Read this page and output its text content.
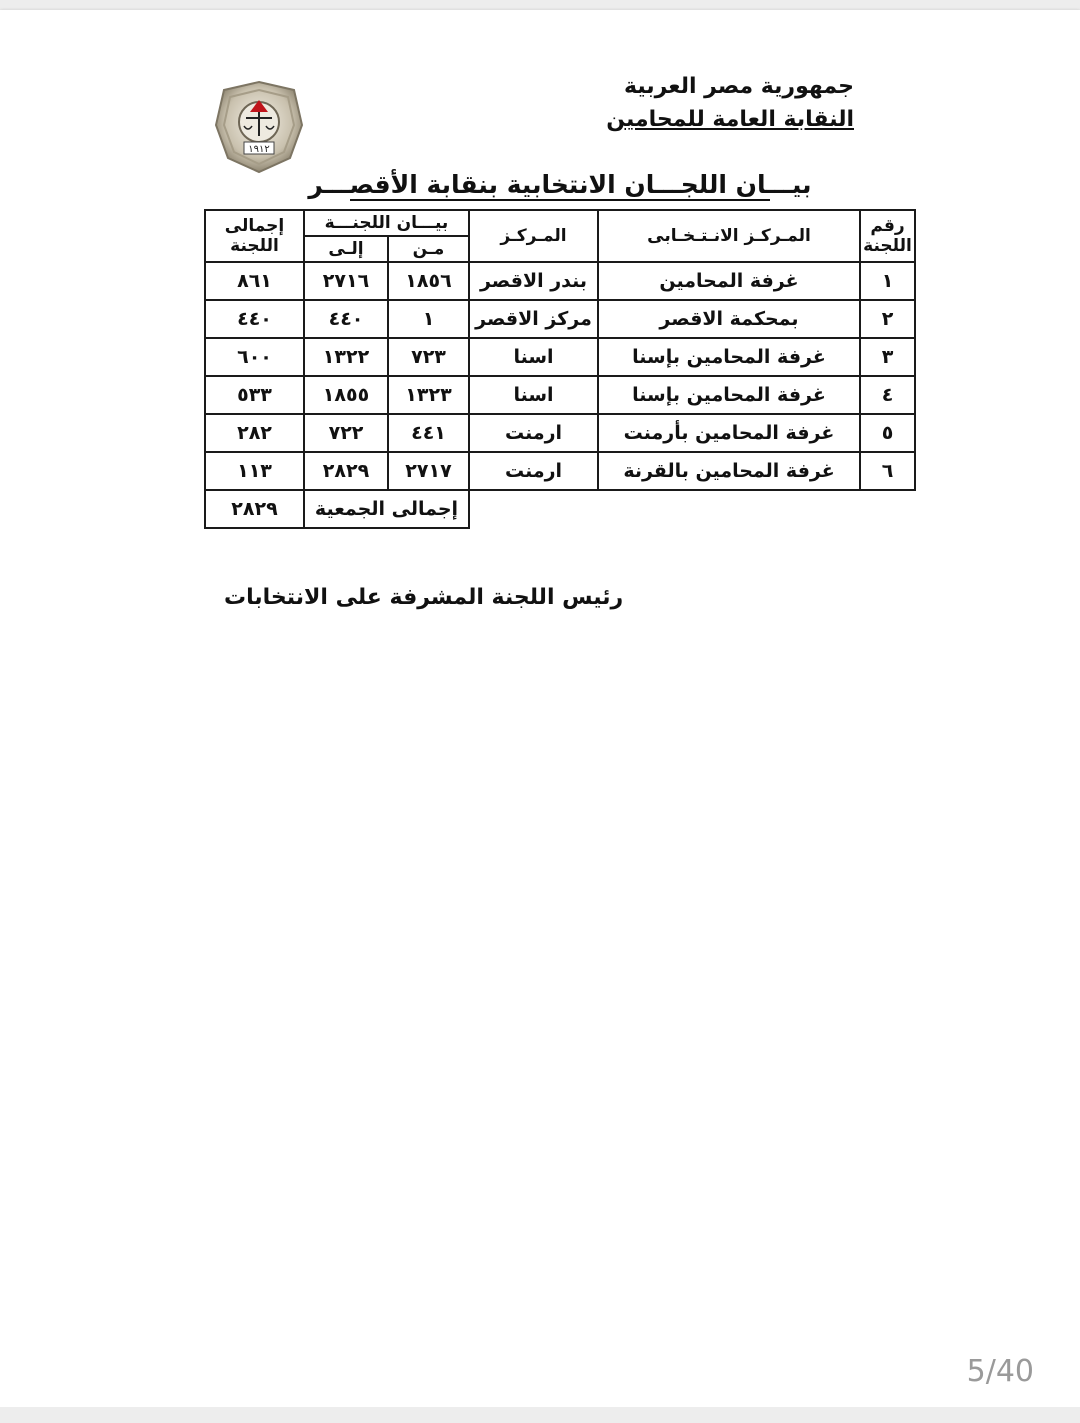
جمهورية مصر العربية
النقابة العامة للمحامين
١٩١٢
بيـــان اللجـــان الانتخابية بنقابة الأقصـــر
رقم اللجنة	المـركـز الانـتـخـابى	المـركـز	بيـــان اللجنـــة		إجمالى اللجنة
			مـن	إلـى	
١	غرفة المحامين	بندر الاقصر	١٨٥٦	٢٧١٦	٨٦١
٢	بمحكمة الاقصر	مركز الاقصر	١	٤٤٠	٤٤٠
٣	غرفة المحامين بإسنا	اسنا	٧٢٣	١٣٢٢	٦٠٠
٤	غرفة المحامين بإسنا	اسنا	١٣٢٣	١٨٥٥	٥٣٣
٥	غرفة المحامين بأرمنت	ارمنت	٤٤١	٧٢٢	٢٨٢
٦	غرفة المحامين بالقرنة	ارمنت	٢٧١٧	٢٨٢٩	١١٣
			إجمالى الجمعية		٢٨٢٩
رئيس اللجنة المشرفة على الانتخابات
5/40
